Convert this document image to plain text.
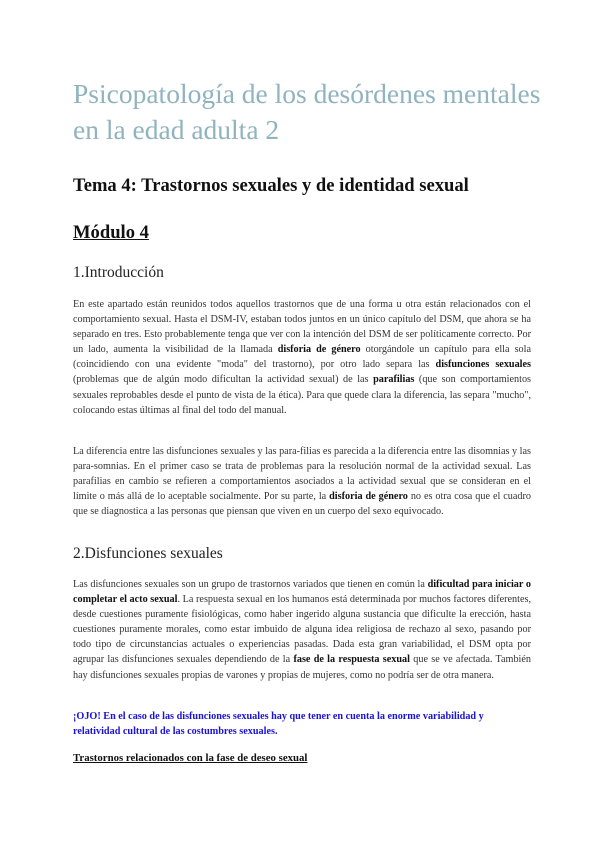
Psicopatología de los desórdenes mentales en la edad adulta 2
Tema 4: Trastornos sexuales y de identidad sexual
Módulo 4
1.Introducción
En este apartado están reunidos todos aquellos trastornos que de una forma u otra están relacionados con el comportamiento sexual. Hasta el DSM-IV, estaban todos juntos en un único capítulo del DSM, que ahora se ha separado en tres. Esto probablemente tenga que ver con la intención del DSM de ser políticamente correcto. Por un lado, aumenta la visibilidad de la llamada disforia de género otorgándole un capítulo para ella sola (coincidiendo con una evidente "moda" del trastorno), por otro lado separa las disfunciones sexuales (problemas que de algún modo dificultan la actividad sexual) de las parafilias (que son comportamientos sexuales reprobables desde el punto de vista de la ética). Para que quede clara la diferencia, las separa "mucho", colocando estas últimas al final del todo del manual.
La diferencia entre las disfunciones sexuales y las para-filias es parecida a la diferencia entre las disomnias y las para-somnias. En el primer caso se trata de problemas para la resolución normal de la actividad sexual. Las parafilias en cambio se refieren a comportamientos asociados a la actividad sexual que se consideran en el límite o más allá de lo aceptable socialmente. Por su parte, la disforia de género no es otra cosa que el cuadro que se diagnostica a las personas que piensan que viven en un cuerpo del sexo equivocado.
2.Disfunciones sexuales
Las disfunciones sexuales son un grupo de trastornos variados que tienen en común la dificultad para iniciar o completar el acto sexual. La respuesta sexual en los humanos está determinada por muchos factores diferentes, desde cuestiones puramente fisiológicas, como haber ingerido alguna sustancia que dificulte la erección, hasta cuestiones puramente morales, como estar imbuido de alguna idea religiosa de rechazo al sexo, pasando por todo tipo de circunstancias actuales o experiencias pasadas. Dada esta gran variabilidad, el DSM opta por agrupar las disfunciones sexuales dependiendo de la fase de la respuesta sexual que se ve afectada. También hay disfunciones sexuales propias de varones y propias de mujeres, como no podría ser de otra manera.
¡OJO! En el caso de las disfunciones sexuales hay que tener en cuenta la enorme variabilidad y relatividad cultural de las costumbres sexuales.
Trastornos relacionados con la fase de deseo sexual
